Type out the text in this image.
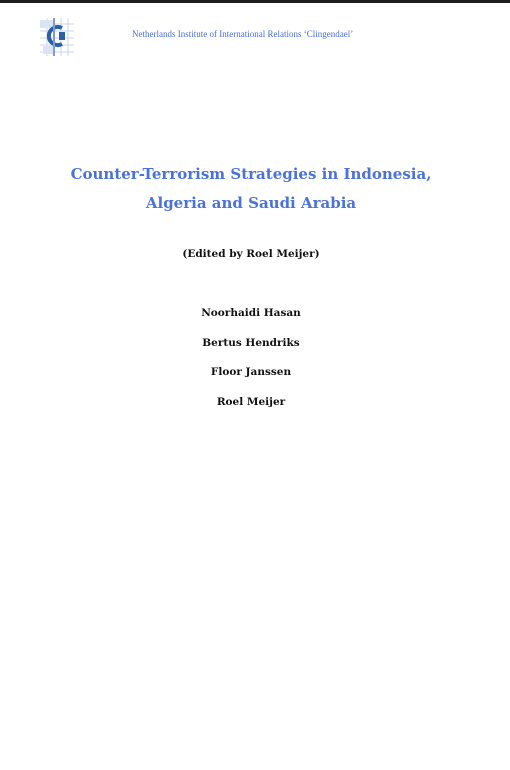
Netherlands Institute of International Relations ‘Clingendael’
Counter-Terrorism Strategies in Indonesia,
Algeria and Saudi Arabia
(Edited by Roel Meijer)
Noorhaidi Hasan
Bertus Hendriks
Floor Janssen
Roel Meijer
